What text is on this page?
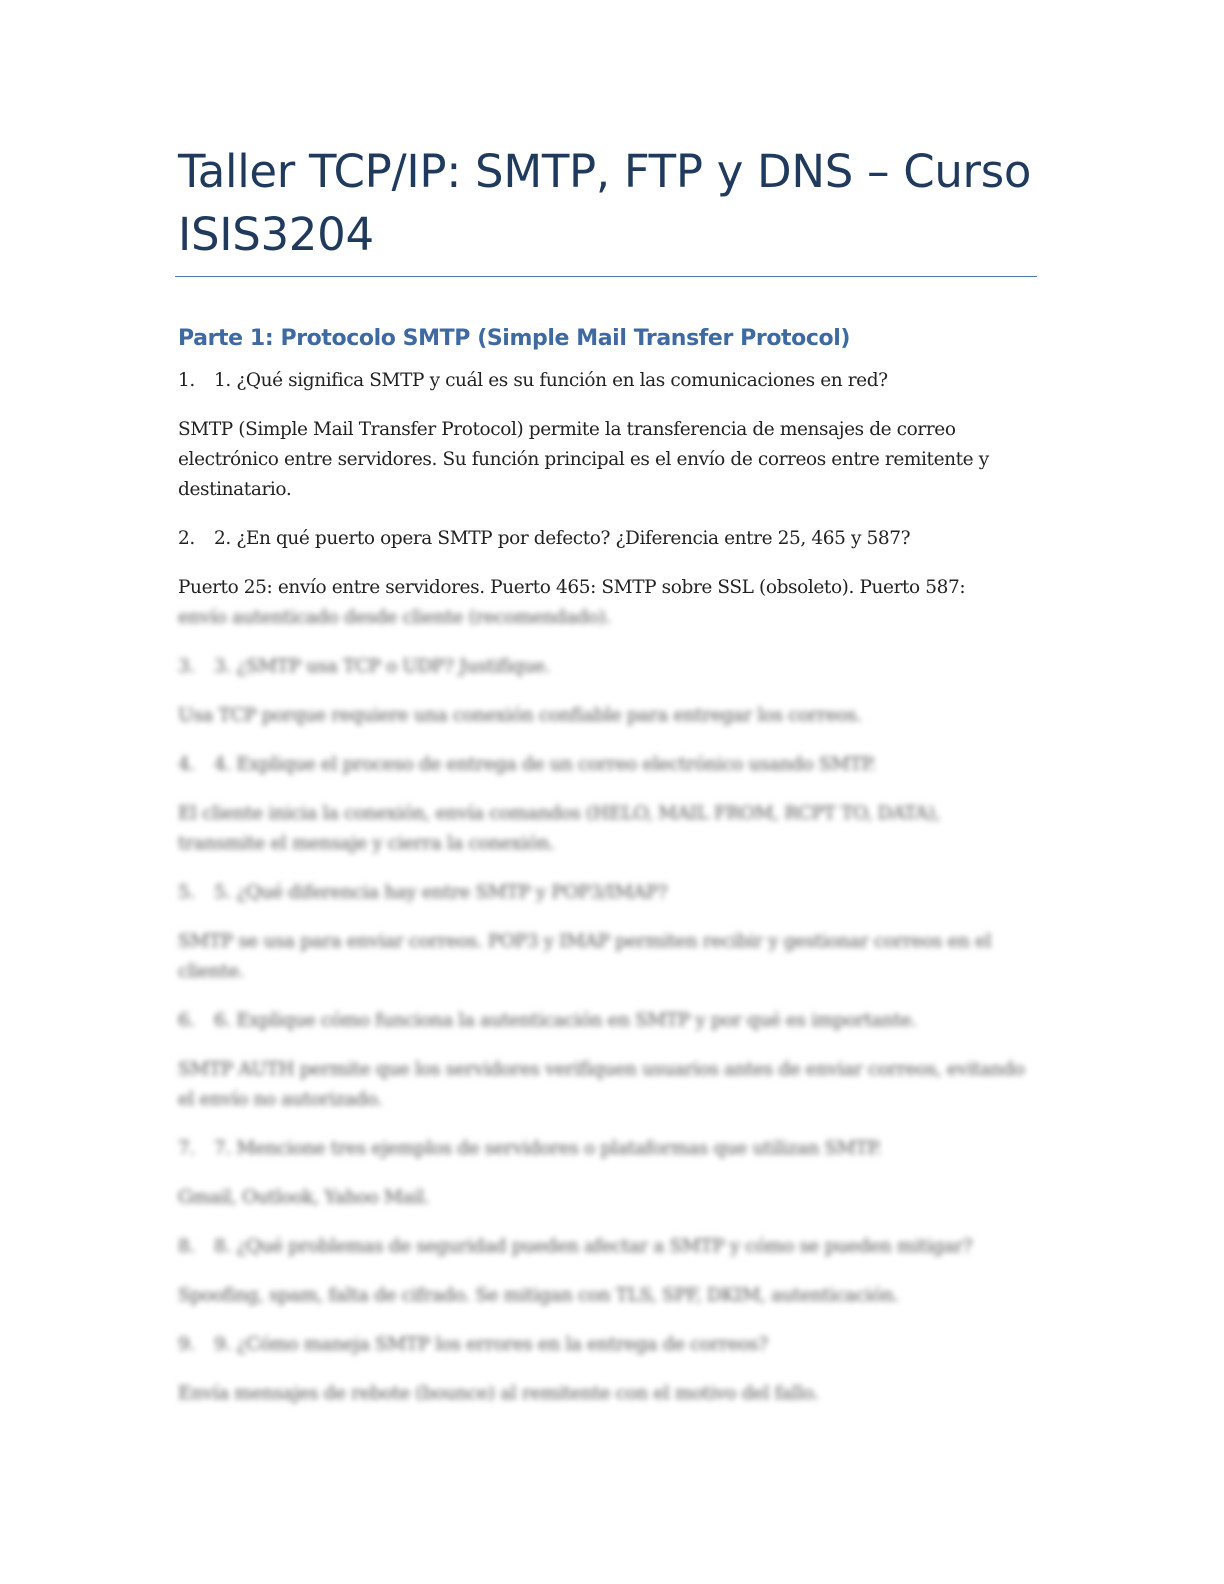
Taller TCP/IP: SMTP, FTP y DNS – Curso
ISIS3204
Parte 1: Protocolo SMTP (Simple Mail Transfer Protocol)
1.	1. ¿Qué significa SMTP y cuál es su función en las comunicaciones en red?

SMTP (Simple Mail Transfer Protocol) permite la transferencia de mensajes de correo electrónico entre servidores. Su función principal es el envío de correos entre remitente y destinatario.

2.	2. ¿En qué puerto opera SMTP por defecto? ¿Diferencia entre 25, 465 y 587?

Puerto 25: envío entre servidores. Puerto 465: SMTP sobre SSL (obsoleto). Puerto 587:
envío autenticado desde cliente (recomendado).

3.	3. ¿SMTP usa TCP o UDP? Justifique.

Usa TCP porque requiere una conexión confiable para entregar los correos.

4.	4. Explique el proceso de entrega de un correo electrónico usando SMTP.

El cliente inicia la conexión, envía comandos (HELO, MAIL FROM, RCPT TO, DATA), transmite el mensaje y cierra la conexión.

5.	5. ¿Qué diferencia hay entre SMTP y POP3/IMAP?

SMTP se usa para enviar correos. POP3 y IMAP permiten recibir y gestionar correos en el cliente.

6.	6. Explique cómo funciona la autenticación en SMTP y por qué es importante.

SMTP AUTH permite que los servidores verifiquen usuarios antes de enviar correos, evitando el envío no autorizado.

7.	7. Mencione tres ejemplos de servidores o plataformas que utilizan SMTP.

Gmail, Outlook, Yahoo Mail.

8.	8. ¿Qué problemas de seguridad pueden afectar a SMTP y cómo se pueden mitigar?

Spoofing, spam, falta de cifrado. Se mitigan con TLS, SPF, DKIM, autenticación.

9.	9. ¿Cómo maneja SMTP los errores en la entrega de correos?

Envía mensajes de rebote (bounce) al remitente con el motivo del fallo.
